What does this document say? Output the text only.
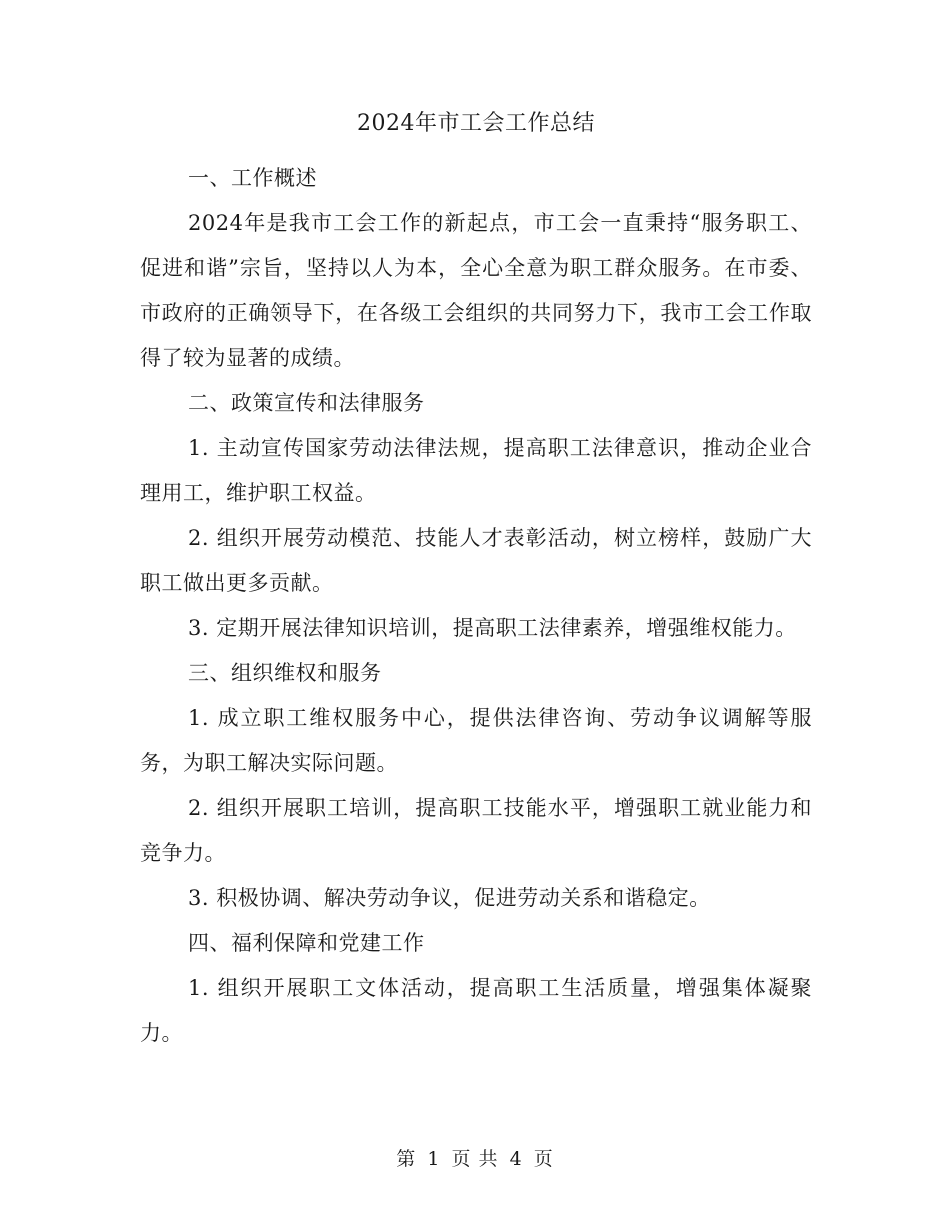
2024年市工会工作总结

一、工作概述

2024年是我市工会工作的新起点，市工会一直秉持“服务职工、促进和谐”宗旨，坚持以人为本，全心全意为职工群众服务。在市委、市政府的正确领导下，在各级工会组织的共同努力下，我市工会工作取得了较为显著的成绩。

二、政策宣传和法律服务

1. 主动宣传国家劳动法律法规，提高职工法律意识，推动企业合理用工，维护职工权益。

2. 组织开展劳动模范、技能人才表彰活动，树立榜样，鼓励广大职工做出更多贡献。

3. 定期开展法律知识培训，提高职工法律素养，增强维权能力。

三、组织维权和服务

1. 成立职工维权服务中心，提供法律咨询、劳动争议调解等服务，为职工解决实际问题。

2. 组织开展职工培训，提高职工技能水平，增强职工就业能力和竞争力。

3. 积极协调、解决劳动争议，促进劳动关系和谐稳定。

四、福利保障和党建工作

1. 组织开展职工文体活动，提高职工生活质量，增强集体凝聚力。

第 1 页 共 4 页
